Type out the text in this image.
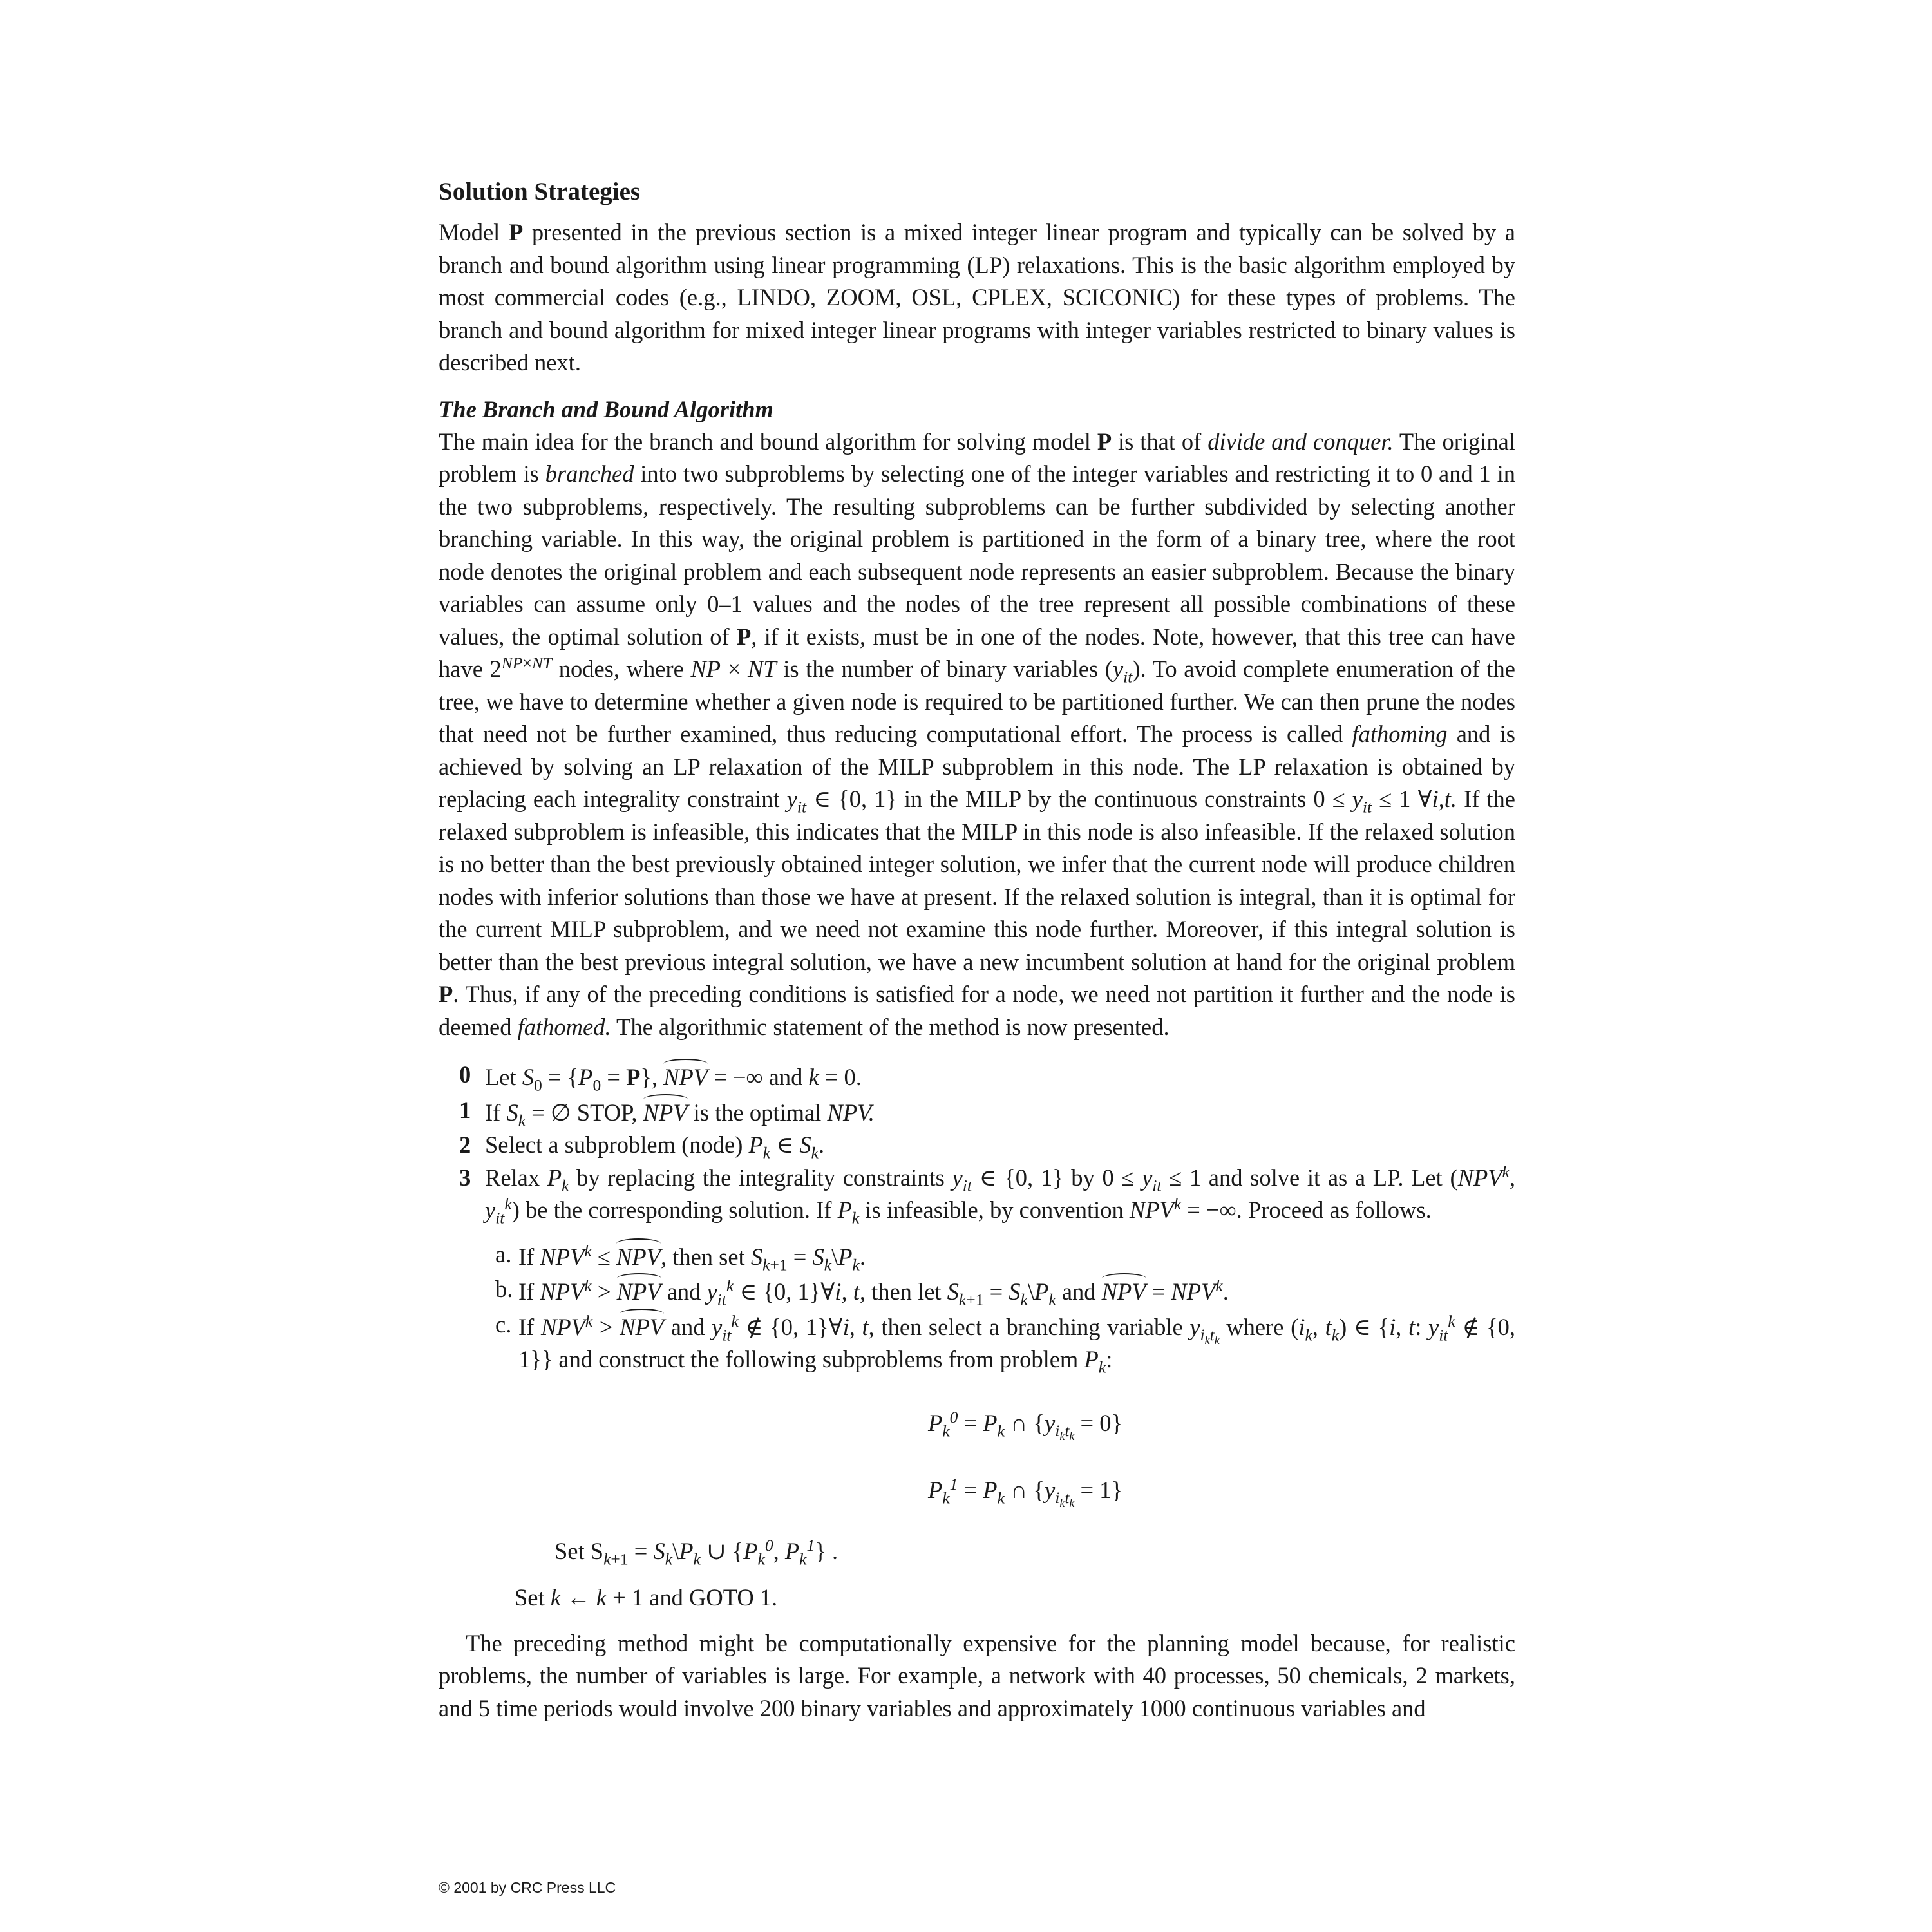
Solution Strategies

Model P presented in the previous section is a mixed integer linear program and typically can be solved by a branch and bound algorithm using linear programming (LP) relaxations. This is the basic algorithm employed by most commercial codes (e.g., LINDO, ZOOM, OSL, CPLEX, SCICONIC) for these types of problems. The branch and bound algorithm for mixed integer linear programs with integer variables restricted to binary values is described next.

The Branch and Bound Algorithm

The main idea for the branch and bound algorithm for solving model P is that of divide and conquer. The original problem is branched into two subproblems by selecting one of the integer variables and restricting it to 0 and 1 in the two subproblems, respectively. The resulting subproblems can be further subdivided by selecting another branching variable. In this way, the original problem is partitioned in the form of a binary tree, where the root node denotes the original problem and each subsequent node represents an easier subproblem. Because the binary variables can assume only 0–1 values and the nodes of the tree represent all possible combinations of these values, the optimal solution of P, if it exists, must be in one of the nodes. Note, however, that this tree can have have $2^{NP\times NT}$ nodes, where NP × NT is the number of binary variables $(y_{it})$. To avoid complete enumeration of the tree, we have to determine whether a given node is required to be partitioned further. We can then prune the nodes that need not be further examined, thus reducing computational effort. The process is called fathoming and is achieved by solving an LP relaxation of the MILP subproblem in this node. The LP relaxation is obtained by replacing each integrality constraint $y_{it}$ ∈ {0, 1} in the MILP by the continuous constraints $0 \le y_{it} \le 1$ ∀i,t. If the relaxed subproblem is infeasible, this indicates that the MILP in this node is also infeasible. If the relaxed solution is no better than the best previously obtained integer solution, we infer that the current node will produce children nodes with inferior solutions than those we have at present. If the relaxed solution is integral, than it is optimal for the current MILP subproblem, and we need not examine this node further. Moreover, if this integral solution is better than the best previous integral solution, we have a new incumbent solution at hand for the original problem P. Thus, if any of the preceding conditions is satisfied for a node, we need not partition it further and the node is deemed fathomed. The algorithmic statement of the method is now presented.

0 Let $S_0 = \{P_0 = P\}$, NPV = −∞ and k = 0.
1 If $S_k$ = ∅ STOP, NPV is the optimal NPV.
2 Select a subproblem (node) $P_k$ ∈ $S_k$.
3 Relax $P_k$ by replacing the integrality constraints $y_{it}$ ∈ {0, 1} by $0 \le y_{it} \le 1$ and solve it as a LP. Let (NPV$^k$, $y_{it}^k$) be the corresponding solution. If $P_k$ is infeasible, by convention $NPV^k$ = −∞. Proceed as follows.
a. If $NPV^k$ ≤ NPV, then set $S_{k+1}$ = $S_k\backslash P_k$.
b. If $NPV^k$ > NPV and $y_{it}^k$ ∈ {0, 1}∀i, t, then let $S_{k+1}$ = $S_k\backslash P_k$ and NPV = $NPV^k$.
c. If $NPV^k$ > NPV and $y_{it}^k$ ∉ {0, 1}∀i, t, then select a branching variable $y_{i_kt_k}$ where ($i_k$, $t_k$) ∈ {i, t: $y_{it}^k$ ∉ {0, 1}} and construct the following subproblems from problem $P_k$:

$P_k^0 = P_k$ ∩ $\{y_{i_kt_k} = 0\}$

$P_k^1 = P_k$ ∩ $\{y_{i_kt_k} = 1\}$

Set $S_{k+1}$ = $S_k\backslash P_k$ ∪ {$P_k^0$, $P_k^1$} .

Set k ← k + 1 and GOTO 1.

The preceding method might be computationally expensive for the planning model because, for realistic problems, the number of variables is large. For example, a network with 40 processes, 50 chemicals, 2 markets, and 5 time periods would involve 200 binary variables and approximately 1000 continuous variables and

© 2001 by CRC Press LLC
